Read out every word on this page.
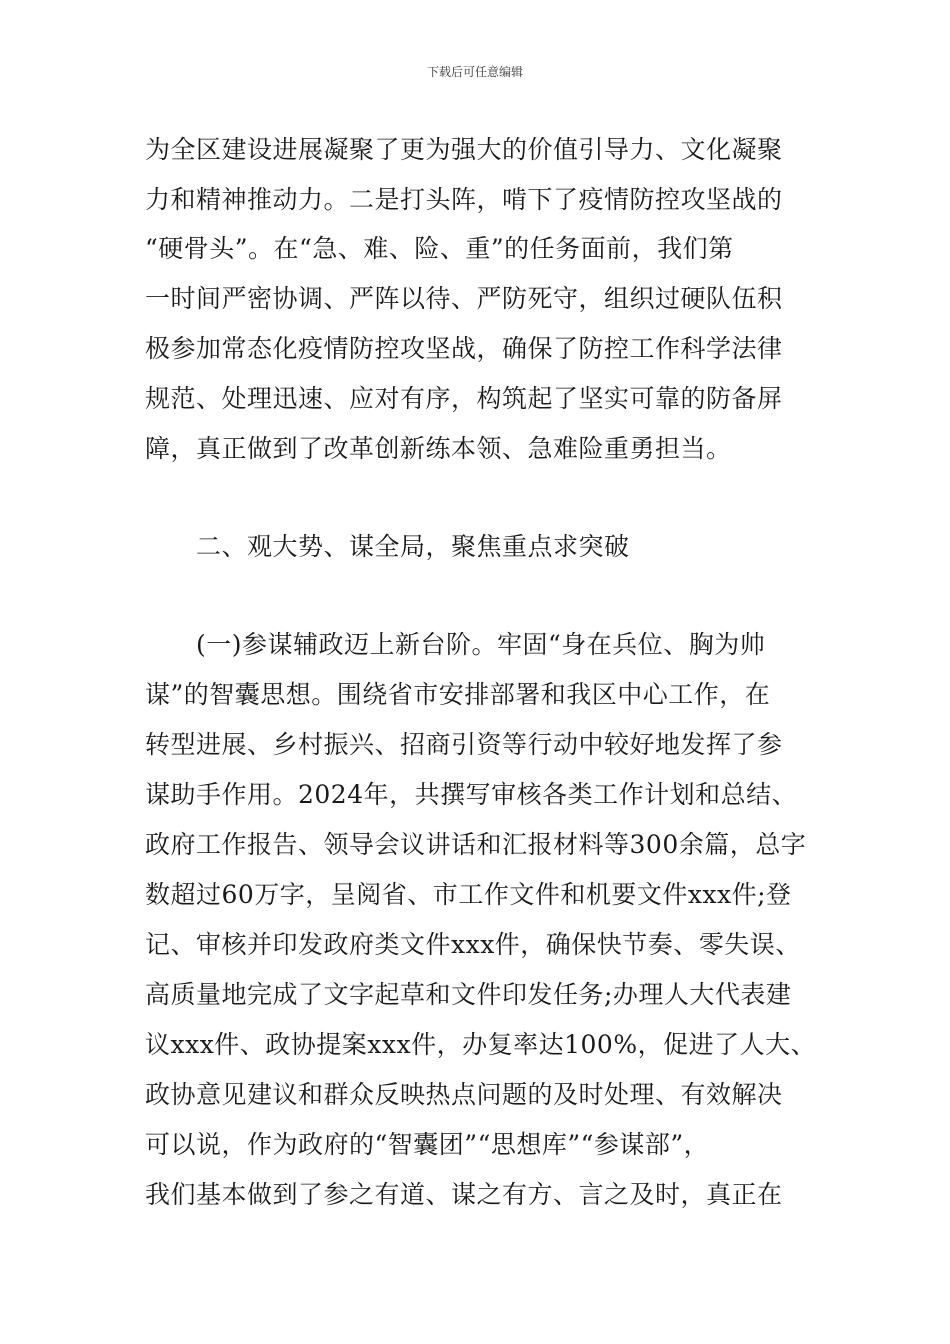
下载后可任意编辑
为全区建设进展凝聚了更为强大的价值引导力、文化凝聚
力和精神推动力。二是打头阵，啃下了疫情防控攻坚战的
“硬骨头”。在“急、难、险、重”的任务面前，我们第
一时间严密协调、严阵以待、严防死守，组织过硬队伍积
极参加常态化疫情防控攻坚战，确保了防控工作科学法律
规范、处理迅速、应对有序，构筑起了坚实可靠的防备屏
障，真正做到了改革创新练本领、急难险重勇担当。
二、观大势、谋全局，聚焦重点求突破
(一)参谋辅政迈上新台阶。牢固“身在兵位、胸为帅
谋”的智囊思想。围绕省市安排部署和我区中心工作，在
转型进展、乡村振兴、招商引资等行动中较好地发挥了参
谋助手作用。2024年，共撰写审核各类工作计划和总结、
政府工作报告、领导会议讲话和汇报材料等300余篇，总字
数超过60万字，呈阅省、市工作文件和机要文件xxx件;登
记、审核并印发政府类文件xxx件，确保快节奏、零失误、
高质量地完成了文字起草和文件印发任务;办理人大代表建
议xxx件、政协提案xxx件，办复率达100%，促进了人大、
政协意见建议和群众反映热点问题的及时处理、有效解决
可以说，作为政府的“智囊团”“思想库”“参谋部”，
我们基本做到了参之有道、谋之有方、言之及时，真正在
